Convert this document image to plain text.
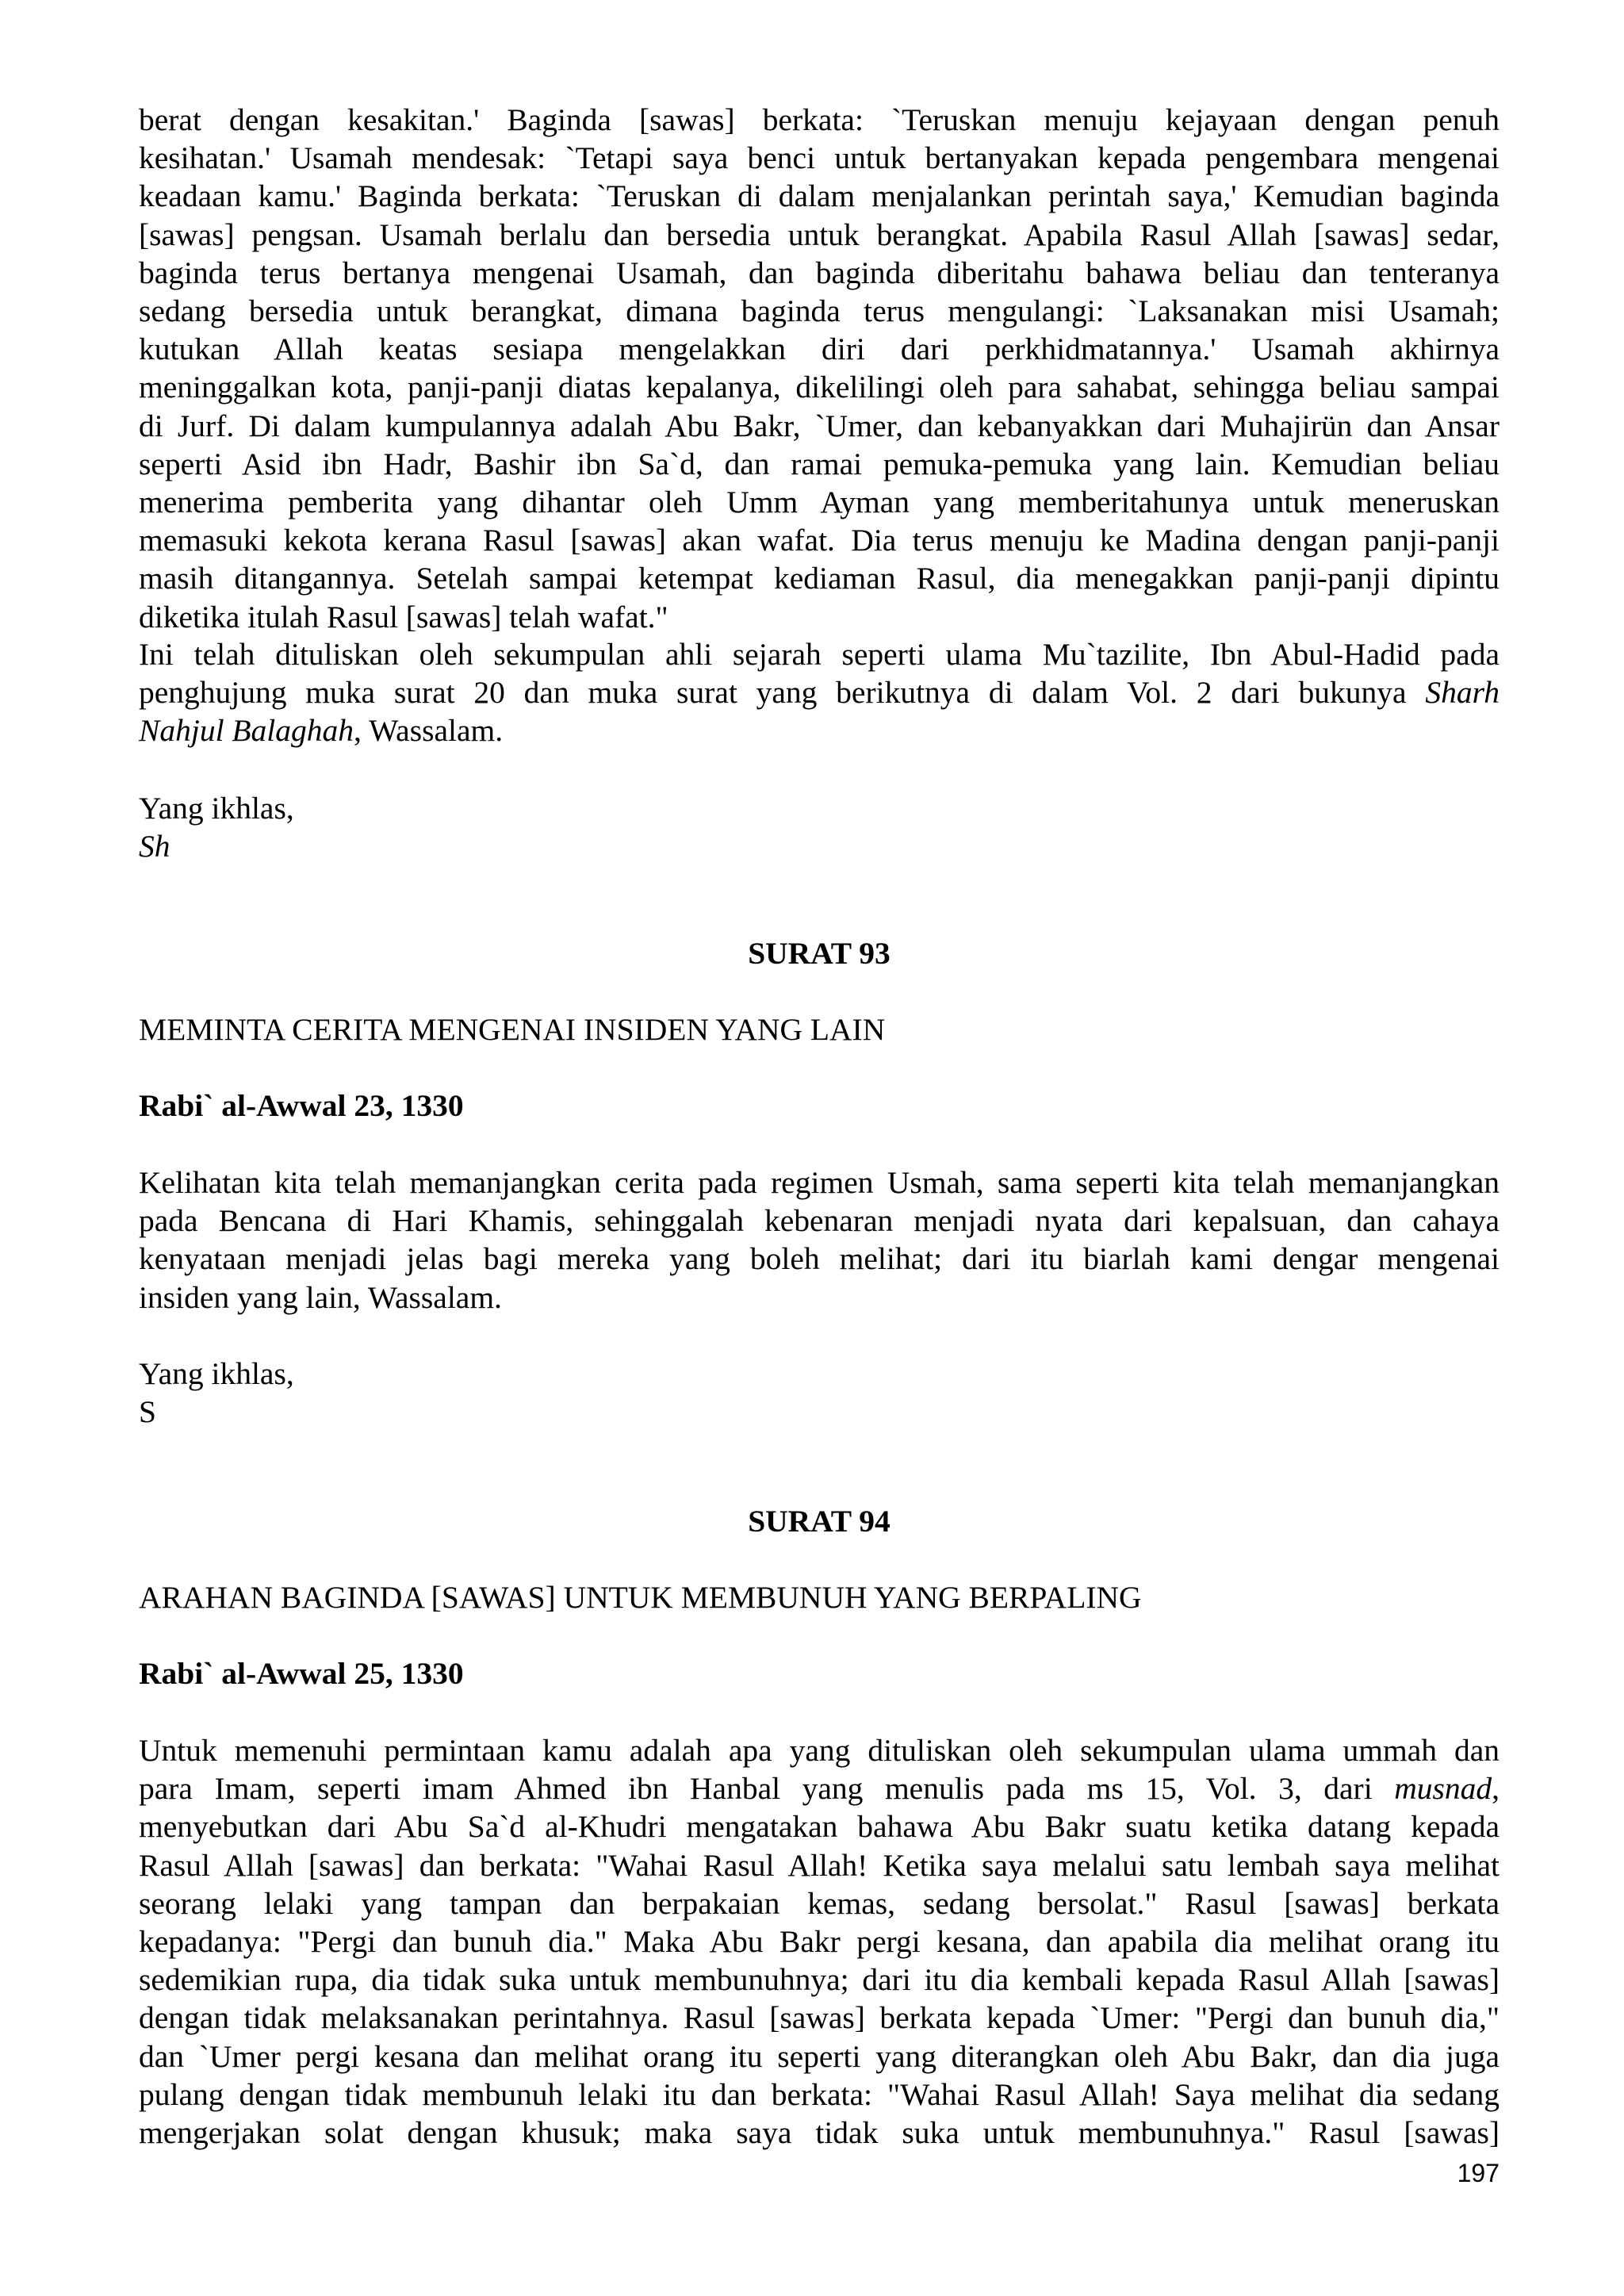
berat dengan kesakitan.' Baginda [sawas] berkata: `Teruskan menuju kejayaan dengan penuh
kesihatan.' Usamah mendesak: `Tetapi saya benci untuk bertanyakan kepada pengembara mengenai
keadaan kamu.' Baginda berkata: `Teruskan di dalam menjalankan perintah saya,' Kemudian baginda
[sawas] pengsan. Usamah berlalu dan bersedia untuk berangkat. Apabila Rasul Allah [sawas] sedar,
baginda terus bertanya mengenai Usamah, dan baginda diberitahu bahawa beliau dan tenteranya
sedang bersedia untuk berangkat, dimana baginda terus mengulangi: `Laksanakan misi Usamah;
kutukan Allah keatas sesiapa mengelakkan diri dari perkhidmatannya.' Usamah akhirnya
meninggalkan kota, panji-panji diatas kepalanya, dikelilingi oleh para sahabat, sehingga beliau sampai
di Jurf. Di dalam kumpulannya adalah Abu Bakr, `Umer, dan kebanyakkan dari Muhajirün dan Ansar
seperti Asid ibn Hadr, Bashir ibn Sa`d, dan ramai pemuka-pemuka yang lain. Kemudian beliau
menerima pemberita yang dihantar oleh Umm Ayman yang memberitahunya untuk meneruskan
memasuki kekota kerana Rasul [sawas] akan wafat. Dia terus menuju ke Madina dengan panji-panji
masih ditangannya. Setelah sampai ketempat kediaman Rasul, dia menegakkan panji-panji dipintu
diketika itulah Rasul [sawas] telah wafat."
Ini telah dituliskan oleh sekumpulan ahli sejarah seperti ulama Mu`tazilite, Ibn Abul-Hadid pada
penghujung muka surat 20 dan muka surat yang berikutnya di dalam Vol. 2 dari bukunya Sharh
Nahjul Balaghah, Wassalam.
Yang ikhlas,
Sh
SURAT 93
MEMINTA CERITA MENGENAI INSIDEN YANG LAIN
Rabi` al-Awwal 23, 1330
Kelihatan kita telah memanjangkan cerita pada regimen Usmah, sama seperti kita telah memanjangkan
pada Bencana di Hari Khamis, sehinggalah kebenaran menjadi nyata dari kepalsuan, dan cahaya
kenyataan menjadi jelas bagi mereka yang boleh melihat; dari itu biarlah kami dengar mengenai
insiden yang lain, Wassalam.
Yang ikhlas,
S
SURAT 94
ARAHAN BAGINDA [SAWAS] UNTUK MEMBUNUH YANG BERPALING
Rabi` al-Awwal 25, 1330
Untuk memenuhi permintaan kamu adalah apa yang dituliskan oleh sekumpulan ulama ummah dan
para Imam, seperti imam Ahmed ibn Hanbal yang menulis pada ms 15, Vol. 3, dari musnad,
menyebutkan dari Abu Sa`d al-Khudri mengatakan bahawa Abu Bakr suatu ketika datang kepada
Rasul Allah [sawas] dan berkata: "Wahai Rasul Allah! Ketika saya melalui satu lembah saya melihat
seorang lelaki yang tampan dan berpakaian kemas, sedang bersolat." Rasul [sawas] berkata
kepadanya: "Pergi dan bunuh dia." Maka Abu Bakr pergi kesana, dan apabila dia melihat orang itu
sedemikian rupa, dia tidak suka untuk membunuhnya; dari itu dia kembali kepada Rasul Allah [sawas]
dengan tidak melaksanakan perintahnya. Rasul [sawas] berkata kepada `Umer: "Pergi dan bunuh dia,"
dan `Umer pergi kesana dan melihat orang itu seperti yang diterangkan oleh Abu Bakr, dan dia juga
pulang dengan tidak membunuh lelaki itu dan berkata: "Wahai Rasul Allah! Saya melihat dia sedang
mengerjakan solat dengan khusuk; maka saya tidak suka untuk membunuhnya." Rasul [sawas]
197
